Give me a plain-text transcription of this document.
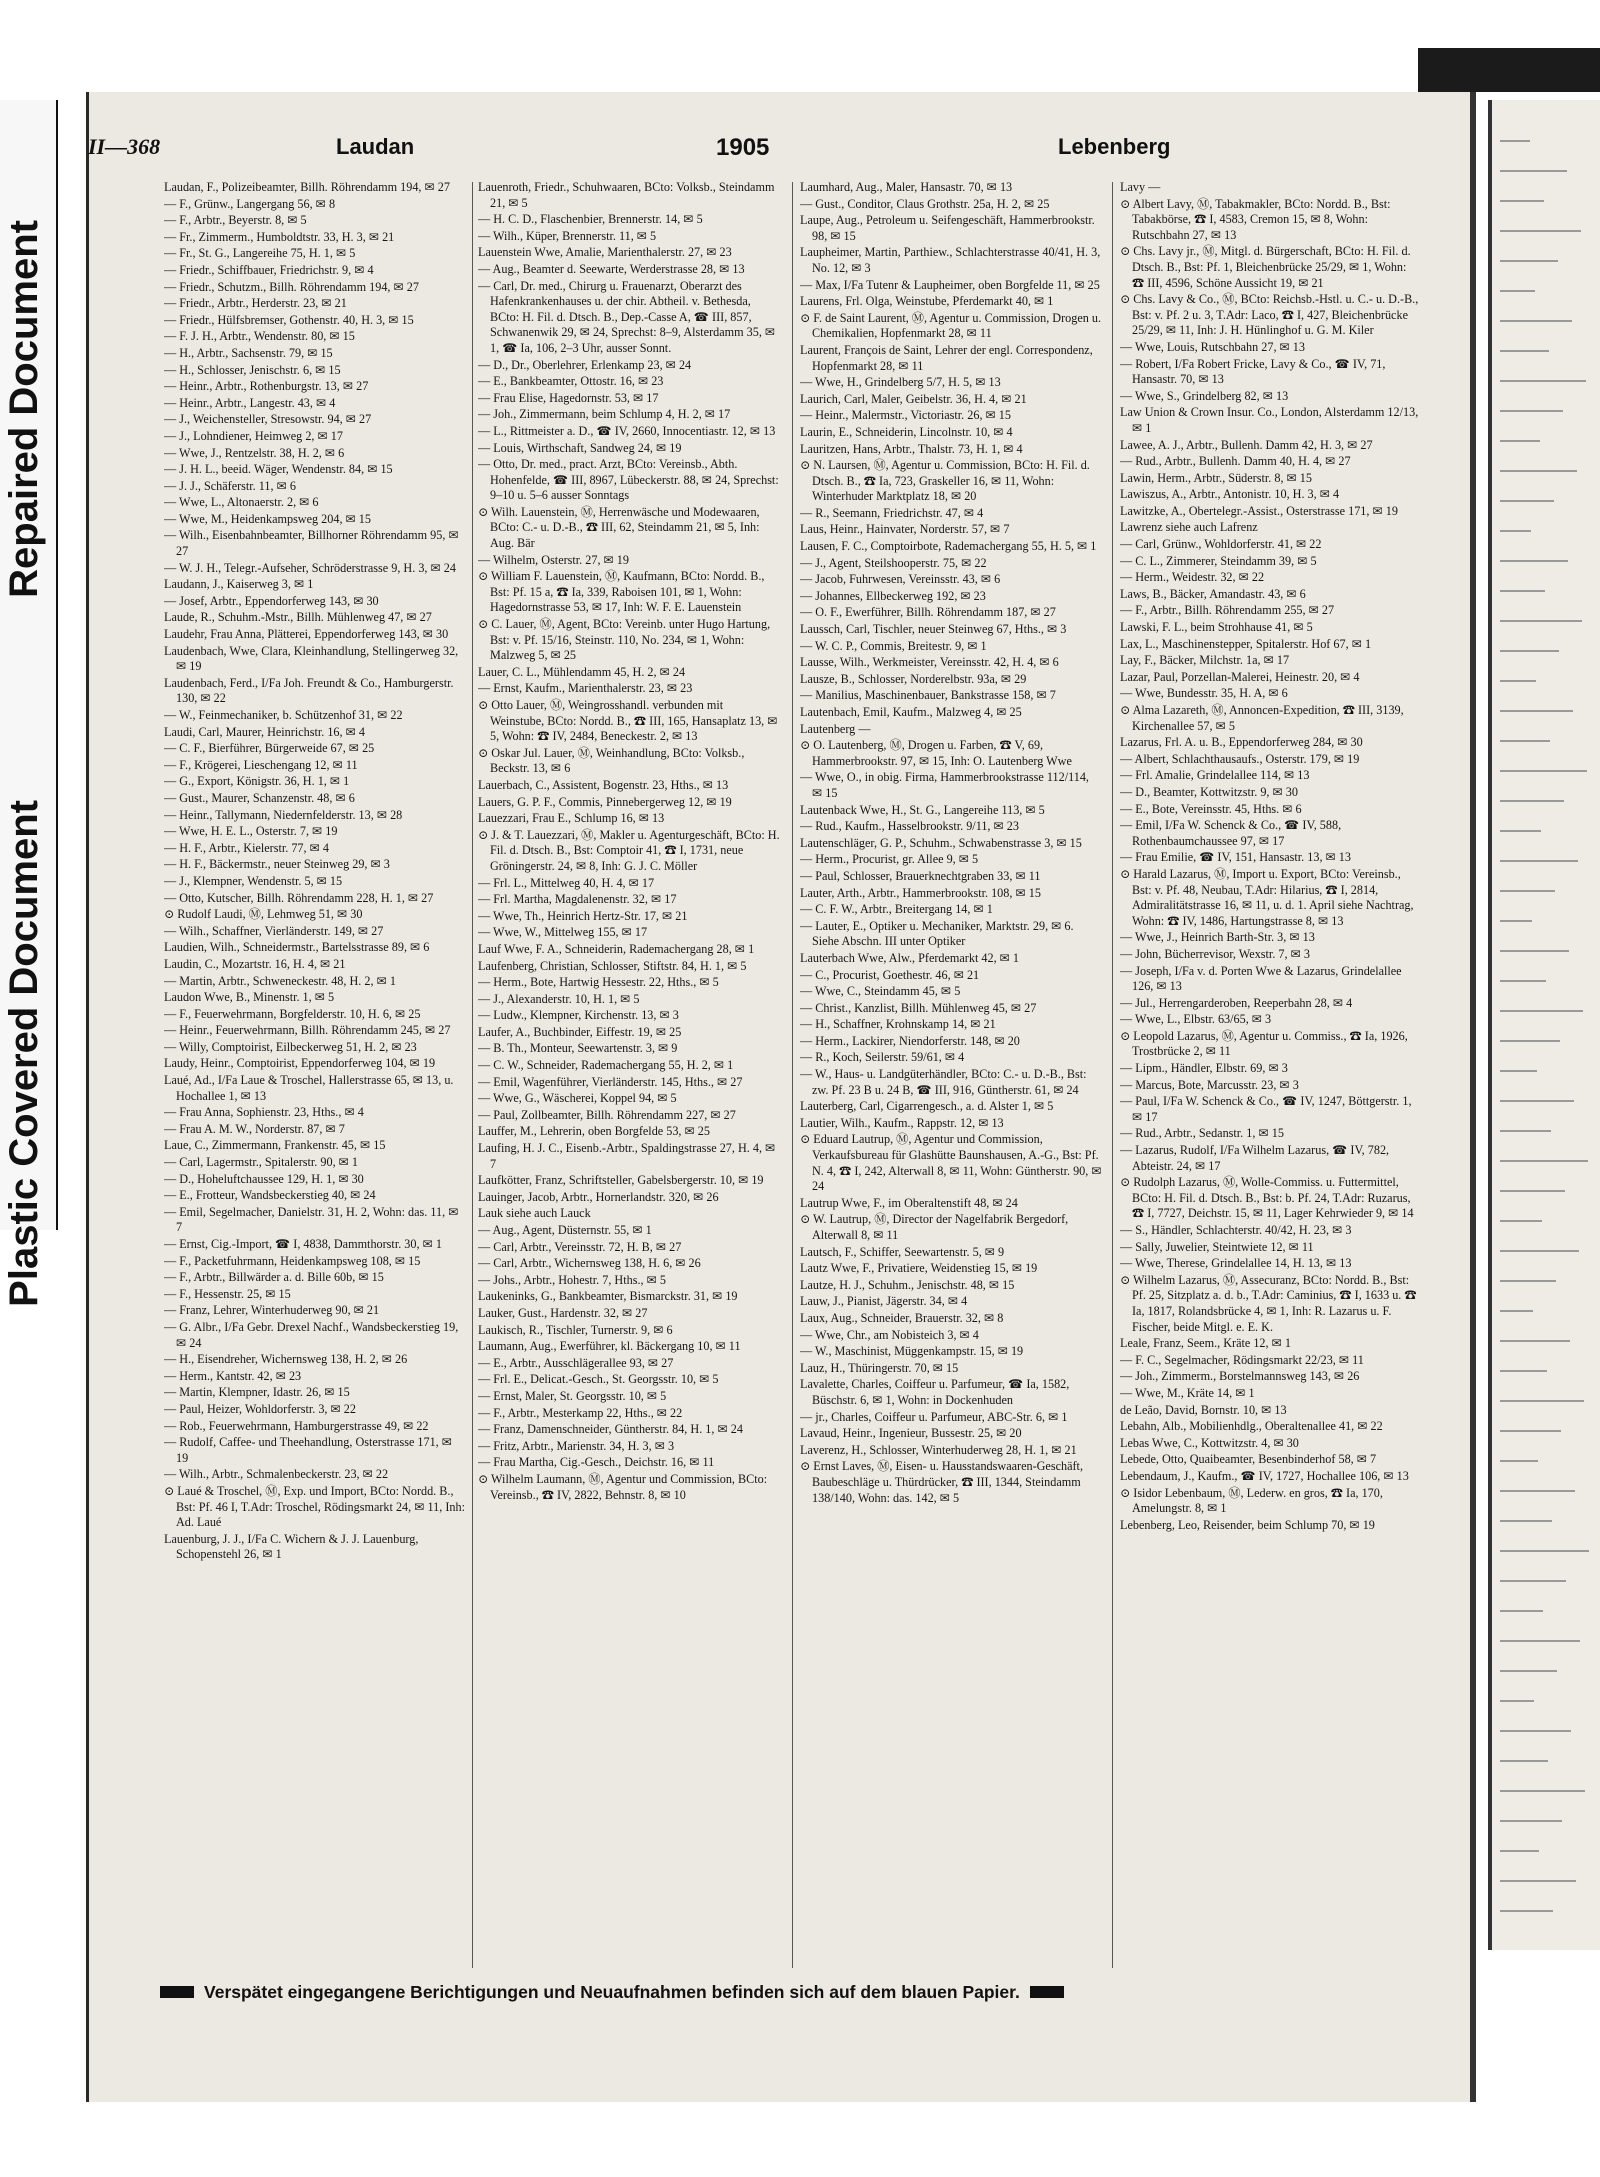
Repaired Document
Plastic Covered Document
II—368	Laudan	1905	Lebenberg
Laudan, F., Polizeibeamter, Billh. Röhrendamm 194, ✉ 27
— F., Grünw., Langergang 56, ✉ 8
— F., Arbtr., Beyerstr. 8, ✉ 5
— Fr., Zimmerm., Humboldtstr. 33, H. 3, ✉ 21
— Fr., St. G., Langereihe 75, H. 1, ✉ 5
— Friedr., Schiffbauer, Friedrichstr. 9, ✉ 4
— Friedr., Schutzm., Billh. Röhrendamm 194, ✉ 27
— Friedr., Arbtr., Herderstr. 23, ✉ 21
— Friedr., Hülfsbremser, Gothenstr. 40, H. 3, ✉ 15
— F. J. H., Arbtr., Wendenstr. 80, ✉ 15
— H., Arbtr., Sachsenstr. 79, ✉ 15
— H., Schlosser, Jenischstr. 6, ✉ 15
— Heinr., Arbtr., Rothenburgstr. 13, ✉ 27
— Heinr., Arbtr., Langestr. 43, ✉ 4
— J., Weichensteller, Stresowstr. 94, ✉ 27
— J., Lohndiener, Heimweg 2, ✉ 17
— Wwe, J., Rentzelstr. 38, H. 2, ✉ 6
— J. H. L., beeid. Wäger, Wendenstr. 84, ✉ 15
— J. J., Schäferstr. 11, ✉ 6
— Wwe, L., Altonaerstr. 2, ✉ 6
— Wwe, M., Heidenkampsweg 204, ✉ 15
— Wilh., Eisenbahnbeamter, Billhorner Röhrendamm 95, ✉ 27
— W. J. H., Telegr.-Aufseher, Schröderstrasse 9, H. 3, ✉ 24
Laudann, J., Kaiserweg 3, ✉ 1
— Josef, Arbtr., Eppendorferweg 143, ✉ 30
Laude, R., Schuhm.-Mstr., Billh. Mühlenweg 47, ✉ 27
Laudehr, Frau Anna, Plätterei, Eppendorferweg 143, ✉ 30
Laudenbach, Wwe, Clara, Kleinhandlung, Stellingerweg 32, ✉ 19
Laudenbach, Ferd., I/Fa Joh. Freundt & Co., Hamburgerstr. 130, ✉ 22
— W., Feinmechaniker, b. Schützenhof 31, ✉ 22
Laudi, Carl, Maurer, Heinrichstr. 16, ✉ 4
— C. F., Bierführer, Bürgerweide 67, ✉ 25
— F., Krögerei, Lieschengang 12, ✉ 11
— G., Export, Königstr. 36, H. 1, ✉ 1
— Gust., Maurer, Schanzenstr. 48, ✉ 6
— Heinr., Tallymann, Niedernfelderstr. 13, ✉ 28
— Wwe, H. E. L., Osterstr. 7, ✉ 19
— H. F., Arbtr., Kielerstr. 77, ✉ 4
— H. F., Bäckermstr., neuer Steinweg 29, ✉ 3
— J., Klempner, Wendenstr. 5, ✉ 15
— Otto, Kutscher, Billh. Röhrendamm 228, H. 1, ✉ 27
⊙ Rudolf Laudi, Ⓜ, Lehmweg 51, ✉ 30
— Wilh., Schaffner, Vierländerstr. 149, ✉ 27
Laudien, Wilh., Schneidermstr., Bartelsstrasse 89, ✉ 6
Laudin, C., Mozartstr. 16, H. 4, ✉ 21
— Martin, Arbtr., Schweneckestr. 48, H. 2, ✉ 1
Laudon Wwe, B., Minenstr. 1, ✉ 5
— F., Feuerwehrmann, Borgfelderstr. 10, H. 6, ✉ 25
— Heinr., Feuerwehrmann, Billh. Röhrendamm 245, ✉ 27
— Willy, Comptoirist, Eilbeckerweg 51, H. 2, ✉ 23
Laudy, Heinr., Comptoirist, Eppendorferweg 104, ✉ 19
Laué, Ad., I/Fa Laue & Troschel, Hallerstrasse 65, ✉ 13, u. Hochallee 1, ✉ 13
— Frau Anna, Sophienstr. 23, Hths., ✉ 4
— Frau A. M. W., Norderstr. 87, ✉ 7
Laue, C., Zimmermann, Frankenstr. 45, ✉ 15
— Carl, Lagermstr., Spitalerstr. 90, ✉ 1
— D., Hoheluftchaussee 129, H. 1, ✉ 30
— E., Frotteur, Wandsbeckerstieg 40, ✉ 24
— Emil, Segelmacher, Danielstr. 31, H. 2, Wohn: das. 11, ✉ 7
— Ernst, Cig.-Import, ☎ I, 4838, Dammthorstr. 30, ✉ 1
— F., Packetfuhrmann, Heidenkampsweg 108, ✉ 15
— F., Arbtr., Billwärder a. d. Bille 60b, ✉ 15
— F., Hessenstr. 25, ✉ 15
— Franz, Lehrer, Winterhuderweg 90, ✉ 21
— G. Albr., I/Fa Gebr. Drexel Nachf., Wandsbeckerstieg 19, ✉ 24
— H., Eisendreher, Wichernsweg 138, H. 2, ✉ 26
— Herm., Kantstr. 42, ✉ 23
— Martin, Klempner, Idastr. 26, ✉ 15
— Paul, Heizer, Wohldorferstr. 3, ✉ 22
— Rob., Feuerwehrmann, Hamburgerstrasse 49, ✉ 22
— Rudolf, Caffee- und Theehandlung, Osterstrasse 171, ✉ 19
— Wilh., Arbtr., Schmalenbeckerstr. 23, ✉ 22
⊙ Laué & Troschel, Ⓜ, Exp. und Import, BCto: Nordd. B., Bst: Pf. 46 I, T.Adr: Troschel, Rödingsmarkt 24, ✉ 11, Inh: Ad. Laué
Lauenburg, J. J., I/Fa C. Wichern & J. J. Lauenburg, Schopenstehl 26, ✉ 1
Lauenroth, Friedr., Schuhwaaren, BCto: Volksb., Steindamm 21, ✉ 5
— H. C. D., Flaschenbier, Brennerstr. 14, ✉ 5
— Wilh., Küper, Brennerstr. 11, ✉ 5
Lauenstein Wwe, Amalie, Marienthalerstr. 27, ✉ 23
— Aug., Beamter d. Seewarte, Werderstrasse 28, ✉ 13
— Carl, Dr. med., Chirurg u. Frauenarzt, Oberarzt des Hafenkrankenhauses u. der chir. Abtheil. v. Bethesda, BCto: H. Fil. d. Dtsch. B., Dep.-Casse A, ☎ III, 857, Schwanenwik 29, ✉ 24, Sprechst: 8–9, Alsterdamm 35, ✉ 1, ☎ Ia, 106, 2–3 Uhr, ausser Sonnt.
— D., Dr., Oberlehrer, Erlenkamp 23, ✉ 24
— E., Bankbeamter, Ottostr. 16, ✉ 23
— Frau Elise, Hagedornstr. 53, ✉ 17
— Joh., Zimmermann, beim Schlump 4, H. 2, ✉ 17
— L., Rittmeister a. D., ☎ IV, 2660, Innocentiastr. 12, ✉ 13
— Louis, Wirthschaft, Sandweg 24, ✉ 19
— Otto, Dr. med., pract. Arzt, BCto: Vereinsb., Abth. Hohenfelde, ☎ III, 8967, Lübeckerstr. 88, ✉ 24, Sprechst: 9–10 u. 5–6 ausser Sonntags
⊙ Wilh. Lauenstein, Ⓜ, Herrenwäsche und Modewaaren, BCto: C.- u. D.-B., ☎ III, 62, Steindamm 21, ✉ 5, Inh: Aug. Bär
— Wilhelm, Osterstr. 27, ✉ 19
⊙ William F. Lauenstein, Ⓜ, Kaufmann, BCto: Nordd. B., Bst: Pf. 15 a, ☎ Ia, 339, Raboisen 101, ✉ 1, Wohn: Hagedornstrasse 53, ✉ 17, Inh: W. F. E. Lauenstein
⊙ C. Lauer, Ⓜ, Agent, BCto: Vereinb. unter Hugo Hartung, Bst: v. Pf. 15/16, Steinstr. 110, No. 234, ✉ 1, Wohn: Malzweg 5, ✉ 25
Lauer, C. L., Mühlendamm 45, H. 2, ✉ 24
— Ernst, Kaufm., Marienthalerstr. 23, ✉ 23
⊙ Otto Lauer, Ⓜ, Weingrosshandl. verbunden mit Weinstube, BCto: Nordd. B., ☎ III, 165, Hansaplatz 13, ✉ 5, Wohn: ☎ IV, 2484, Beneckestr. 2, ✉ 13
⊙ Oskar Jul. Lauer, Ⓜ, Weinhandlung, BCto: Volksb., Beckstr. 13, ✉ 6
Lauerbach, C., Assistent, Bogenstr. 23, Hths., ✉ 13
Lauers, G. P. F., Commis, Pinnebergerweg 12, ✉ 19
Lauezzari, Frau E., Schlump 16, ✉ 13
⊙ J. & T. Lauezzari, Ⓜ, Makler u. Agenturgeschäft, BCto: H. Fil. d. Dtsch. B., Bst: Comptoir 41, ☎ I, 1731, neue Gröningerstr. 24, ✉ 8, Inh: G. J. C. Möller
— Frl. L., Mittelweg 40, H. 4, ✉ 17
— Frl. Martha, Magdalenenstr. 32, ✉ 17
— Wwe, Th., Heinrich Hertz-Str. 17, ✉ 21
— Wwe, W., Mittelweg 155, ✉ 17
Lauf Wwe, F. A., Schneiderin, Rademachergang 28, ✉ 1
Laufenberg, Christian, Schlosser, Stiftstr. 84, H. 1, ✉ 5
— Herm., Bote, Hartwig Hessestr. 22, Hths., ✉ 5
— J., Alexanderstr. 10, H. 1, ✉ 5
— Ludw., Klempner, Kirchenstr. 13, ✉ 3
Laufer, A., Buchbinder, Eiffestr. 19, ✉ 25
— B. Th., Monteur, Seewartenstr. 3, ✉ 9
— C. W., Schneider, Rademachergang 55, H. 2, ✉ 1
— Emil, Wagenführer, Vierländerstr. 145, Hths., ✉ 27
— Wwe, G., Wäscherei, Koppel 94, ✉ 5
— Paul, Zollbeamter, Billh. Röhrendamm 227, ✉ 27
Lauffer, M., Lehrerin, oben Borgfelde 53, ✉ 25
Laufing, H. J. C., Eisenb.-Arbtr., Spaldingstrasse 27, H. 4, ✉ 7
Laufkötter, Franz, Schriftsteller, Gabelsbergerstr. 10, ✉ 19
Lauinger, Jacob, Arbtr., Hornerlandstr. 320, ✉ 26
Lauk siehe auch Lauck
— Aug., Agent, Düsternstr. 55, ✉ 1
— Carl, Arbtr., Vereinsstr. 72, H. B, ✉ 27
— Carl, Arbtr., Wichernsweg 138, H. 6, ✉ 26
— Johs., Arbtr., Hohestr. 7, Hths., ✉ 5
Laukeninks, G., Bankbeamter, Bismarckstr. 31, ✉ 19
Lauker, Gust., Hardenstr. 32, ✉ 27
Laukisch, R., Tischler, Turnerstr. 9, ✉ 6
Laumann, Aug., Ewerführer, kl. Bäckergang 10, ✉ 11
— E., Arbtr., Ausschlägerallee 93, ✉ 27
— Frl. E., Delicat.-Gesch., St. Georgsstr. 10, ✉ 5
— Ernst, Maler, St. Georgsstr. 10, ✉ 5
— F., Arbtr., Mesterkamp 22, Hths., ✉ 22
— Franz, Damenschneider, Güntherstr. 84, H. 1, ✉ 24
— Fritz, Arbtr., Marienstr. 34, H. 3, ✉ 3
— Frau Martha, Cig.-Gesch., Deichstr. 16, ✉ 11
⊙ Wilhelm Laumann, Ⓜ, Agentur und Commission, BCto: Vereinsb., ☎ IV, 2822, Behnstr. 8, ✉ 10
Laumhard, Aug., Maler, Hansastr. 70, ✉ 13
— Gust., Conditor, Claus Grothstr. 25a, H. 2, ✉ 25
Laupe, Aug., Petroleum u. Seifengeschäft, Hammerbrookstr. 98, ✉ 15
Laupheimer, Martin, Parthiew., Schlachterstrasse 40/41, H. 3, No. 12, ✉ 3
— Max, I/Fa Tutenr & Laupheimer, oben Borgfelde 11, ✉ 25
Laurens, Frl. Olga, Weinstube, Pferdemarkt 40, ✉ 1
⊙ F. de Saint Laurent, Ⓜ, Agentur u. Commission, Drogen u. Chemikalien, Hopfenmarkt 28, ✉ 11
Laurent, François de Saint, Lehrer der engl. Correspondenz, Hopfenmarkt 28, ✉ 11
— Wwe, H., Grindelberg 5/7, H. 5, ✉ 13
Laurich, Carl, Maler, Geibelstr. 36, H. 4, ✉ 21
— Heinr., Malermstr., Victoriastr. 26, ✉ 15
Laurin, E., Schneiderin, Lincolnstr. 10, ✉ 4
Lauritzen, Hans, Arbtr., Thalstr. 73, H. 1, ✉ 4
⊙ N. Laursen, Ⓜ, Agentur u. Commission, BCto: H. Fil. d. Dtsch. B., ☎ Ia, 723, Graskeller 16, ✉ 11, Wohn: Winterhuder Marktplatz 18, ✉ 20
— R., Seemann, Friedrichstr. 47, ✉ 4
Laus, Heinr., Hainvater, Norderstr. 57, ✉ 7
Lausen, F. C., Comptoirbote, Rademachergang 55, H. 5, ✉ 1
— J., Agent, Steilshooperstr. 75, ✉ 22
— Jacob, Fuhrwesen, Vereinsstr. 43, ✉ 6
— Johannes, Ellbeckerweg 192, ✉ 23
— O. F., Ewerführer, Billh. Röhrendamm 187, ✉ 27
Laussch, Carl, Tischler, neuer Steinweg 67, Hths., ✉ 3
— W. C. P., Commis, Breitestr. 9, ✉ 1
Lausse, Wilh., Werkmeister, Vereinsstr. 42, H. 4, ✉ 6
Lausze, B., Schlosser, Norderelbstr. 93a, ✉ 29
— Manilius, Maschinenbauer, Bankstrasse 158, ✉ 7
Lautenbach, Emil, Kaufm., Malzweg 4, ✉ 25
Lautenberg —
⊙ O. Lautenberg, Ⓜ, Drogen u. Farben, ☎ V, 69, Hammerbrookstr. 97, ✉ 15, Inh: O. Lautenberg Wwe
— Wwe, O., in obig. Firma, Hammerbrookstrasse 112/114, ✉ 15
Lautenback Wwe, H., St. G., Langereihe 113, ✉ 5
— Rud., Kaufm., Hasselbrookstr. 9/11, ✉ 23
Lautenschläger, G. P., Schuhm., Schwabenstrasse 3, ✉ 15
— Herm., Procurist, gr. Allee 9, ✉ 5
— Paul, Schlosser, Brauerknechtgraben 33, ✉ 11
Lauter, Arth., Arbtr., Hammerbrookstr. 108, ✉ 15
— C. F. W., Arbtr., Breitergang 14, ✉ 1
— Lauter, E., Optiker u. Mechaniker, Marktstr. 29, ✉ 6. Siehe Abschn. III unter Optiker
Lauterbach Wwe, Alw., Pferdemarkt 42, ✉ 1
— C., Procurist, Goethestr. 46, ✉ 21
— Wwe, C., Steindamm 45, ✉ 5
— Christ., Kanzlist, Billh. Mühlenweg 45, ✉ 27
— H., Schaffner, Krohnskamp 14, ✉ 21
— Herm., Lackirer, Niendorferstr. 148, ✉ 20
— R., Koch, Seilerstr. 59/61, ✉ 4
— W., Haus- u. Landgüterhändler, BCto: C.- u. D.-B., Bst: zw. Pf. 23 B u. 24 B, ☎ III, 916, Güntherstr. 61, ✉ 24
Lauterberg, Carl, Cigarrengesch., a. d. Alster 1, ✉ 5
Lautier, Wilh., Kaufm., Rappstr. 12, ✉ 13
⊙ Eduard Lautrup, Ⓜ, Agentur und Commission, Verkaufsbureau für Glashütte Baunshausen, A.-G., Bst: Pf. N. 4, ☎ I, 242, Alterwall 8, ✉ 11, Wohn: Güntherstr. 90, ✉ 24
Lautrup Wwe, F., im Oberaltenstift 48, ✉ 24
⊙ W. Lautrup, Ⓜ, Director der Nagelfabrik Bergedorf, Alterwall 8, ✉ 11
Lautsch, F., Schiffer, Seewartenstr. 5, ✉ 9
Lautz Wwe, F., Privatiere, Weidenstieg 15, ✉ 19
Lautze, H. J., Schuhm., Jenischstr. 48, ✉ 15
Lauw, J., Pianist, Jägerstr. 34, ✉ 4
Laux, Aug., Schneider, Brauerstr. 32, ✉ 8
— Wwe, Chr., am Nobisteich 3, ✉ 4
— W., Maschinist, Müggenkampstr. 15, ✉ 19
Lauz, H., Thüringerstr. 70, ✉ 15
Lavalette, Charles, Coiffeur u. Parfumeur, ☎ Ia, 1582, Büschstr. 6, ✉ 1, Wohn: in Dockenhuden
— jr., Charles, Coiffeur u. Parfumeur, ABC-Str. 6, ✉ 1
Lavaud, Heinr., Ingenieur, Bussestr. 25, ✉ 20
Laverenz, H., Schlosser, Winterhuderweg 28, H. 1, ✉ 21
⊙ Ernst Laves, Ⓜ, Eisen- u. Hausstandswaaren-Geschäft, Baubeschläge u. Thürdrücker, ☎ III, 1344, Steindamm 138/140, Wohn: das. 142, ✉ 5
Lavy —
⊙ Albert Lavy, Ⓜ, Tabakmakler, BCto: Nordd. B., Bst: Tabakbörse, ☎ I, 4583, Cremon 15, ✉ 8, Wohn: Rutschbahn 27, ✉ 13
⊙ Chs. Lavy jr., Ⓜ, Mitgl. d. Bürgerschaft, BCto: H. Fil. d. Dtsch. B., Bst: Pf. 1, Bleichenbrücke 25/29, ✉ 1, Wohn: ☎ III, 4596, Schöne Aussicht 19, ✉ 21
⊙ Chs. Lavy & Co., Ⓜ, BCto: Reichsb.-Hstl. u. C.- u. D.-B., Bst: v. Pf. 2 u. 3, T.Adr: Laco, ☎ I, 427, Bleichenbrücke 25/29, ✉ 11, Inh: J. H. Hünlinghof u. G. M. Kiler
— Wwe, Louis, Rutschbahn 27, ✉ 13
— Robert, I/Fa Robert Fricke, Lavy & Co., ☎ IV, 71, Hansastr. 70, ✉ 13
— Wwe, S., Grindelberg 82, ✉ 13
Law Union & Crown Insur. Co., London, Alsterdamm 12/13, ✉ 1
Lawee, A. J., Arbtr., Bullenh. Damm 42, H. 3, ✉ 27
— Rud., Arbtr., Bullenh. Damm 40, H. 4, ✉ 27
Lawin, Herm., Arbtr., Süderstr. 8, ✉ 15
Lawiszus, A., Arbtr., Antonistr. 10, H. 3, ✉ 4
Lawitzke, A., Obertelegr.-Assist., Osterstrasse 171, ✉ 19
Lawrenz siehe auch Lafrenz
— Carl, Grünw., Wohldorferstr. 41, ✉ 22
— C. L., Zimmerer, Steindamm 39, ✉ 5
— Herm., Weidestr. 32, ✉ 22
Laws, B., Bäcker, Amandastr. 43, ✉ 6
— F., Arbtr., Billh. Röhrendamm 255, ✉ 27
Lawski, F. L., beim Strohhause 41, ✉ 5
Lax, L., Maschinenstepper, Spitalerstr. Hof 67, ✉ 1
Lay, F., Bäcker, Milchstr. 1a, ✉ 17
Lazar, Paul, Porzellan-Malerei, Heinestr. 20, ✉ 4
— Wwe, Bundesstr. 35, H. A, ✉ 6
⊙ Alma Lazareth, Ⓜ, Annoncen-Expedition, ☎ III, 3139, Kirchenallee 57, ✉ 5
Lazarus, Frl. A. u. B., Eppendorferweg 284, ✉ 30
— Albert, Schlachthausaufs., Osterstr. 179, ✉ 19
— Frl. Amalie, Grindelallee 114, ✉ 13
— D., Beamter, Kottwitzstr. 9, ✉ 30
— E., Bote, Vereinsstr. 45, Hths. ✉ 6
— Emil, I/Fa W. Schenck & Co., ☎ IV, 588, Rothenbaumchaussee 97, ✉ 17
— Frau Emilie, ☎ IV, 151, Hansastr. 13, ✉ 13
⊙ Harald Lazarus, Ⓜ, Import u. Export, BCto: Vereinsb., Bst: v. Pf. 48, Neubau, T.Adr: Hilarius, ☎ I, 2814, Admiralitätstrasse 16, ✉ 11, u. d. 1. April siehe Nachtrag, Wohn: ☎ IV, 1486, Hartungstrasse 8, ✉ 13
— Wwe, J., Heinrich Barth-Str. 3, ✉ 13
— John, Bücherrevisor, Wexstr. 7, ✉ 3
— Joseph, I/Fa v. d. Porten Wwe & Lazarus, Grindelallee 126, ✉ 13
— Jul., Herrengarderoben, Reeperbahn 28, ✉ 4
— Wwe, L., Elbstr. 63/65, ✉ 3
⊙ Leopold Lazarus, Ⓜ, Agentur u. Commiss., ☎ Ia, 1926, Trostbrücke 2, ✉ 11
— Lipm., Händler, Elbstr. 69, ✉ 3
— Marcus, Bote, Marcusstr. 23, ✉ 3
— Paul, I/Fa W. Schenck & Co., ☎ IV, 1247, Böttgerstr. 1, ✉ 17
— Rud., Arbtr., Sedanstr. 1, ✉ 15
— Lazarus, Rudolf, I/Fa Wilhelm Lazarus, ☎ IV, 782, Abteistr. 24, ✉ 17
⊙ Rudolph Lazarus, Ⓜ, Wolle-Commiss. u. Futtermittel, BCto: H. Fil. d. Dtsch. B., Bst: b. Pf. 24, T.Adr: Ruzarus, ☎ I, 7727, Deichstr. 15, ✉ 11, Lager Kehrwieder 9, ✉ 14
— S., Händler, Schlachterstr. 40/42, H. 23, ✉ 3
— Sally, Juwelier, Steintwiete 12, ✉ 11
— Wwe, Therese, Grindelallee 14, H. 13, ✉ 13
⊙ Wilhelm Lazarus, Ⓜ, Assecuranz, BCto: Nordd. B., Bst: Pf. 25, Sitzplatz a. d. b., T.Adr: Caminius, ☎ I, 1633 u. ☎ Ia, 1817, Rolandsbrücke 4, ✉ 1, Inh: R. Lazarus u. F. Fischer, beide Mitgl. e. E. K.
Leale, Franz, Seem., Kräte 12, ✉ 1
— F. C., Segelmacher, Rödingsmarkt 22/23, ✉ 11
— Joh., Zimmerm., Borstelmannsweg 143, ✉ 26
— Wwe, M., Kräte 14, ✉ 1
de Leão, David, Bornstr. 10, ✉ 13
Lebahn, Alb., Mobilienhdlg., Oberaltenallee 41, ✉ 22
Lebas Wwe, C., Kottwitzstr. 4, ✉ 30
Lebede, Otto, Quaibeamter, Besenbinderhof 58, ✉ 7
Lebendaum, J., Kaufm., ☎ IV, 1727, Hochallee 106, ✉ 13
⊙ Isidor Lebenbaum, Ⓜ, Lederw. en gros, ☎ Ia, 170, Amelungstr. 8, ✉ 1
Lebenberg, Leo, Reisender, beim Schlump 70, ✉ 19
Verspätet eingegangene Berichtigungen und Neuaufnahmen befinden sich auf dem blauen Papier.
